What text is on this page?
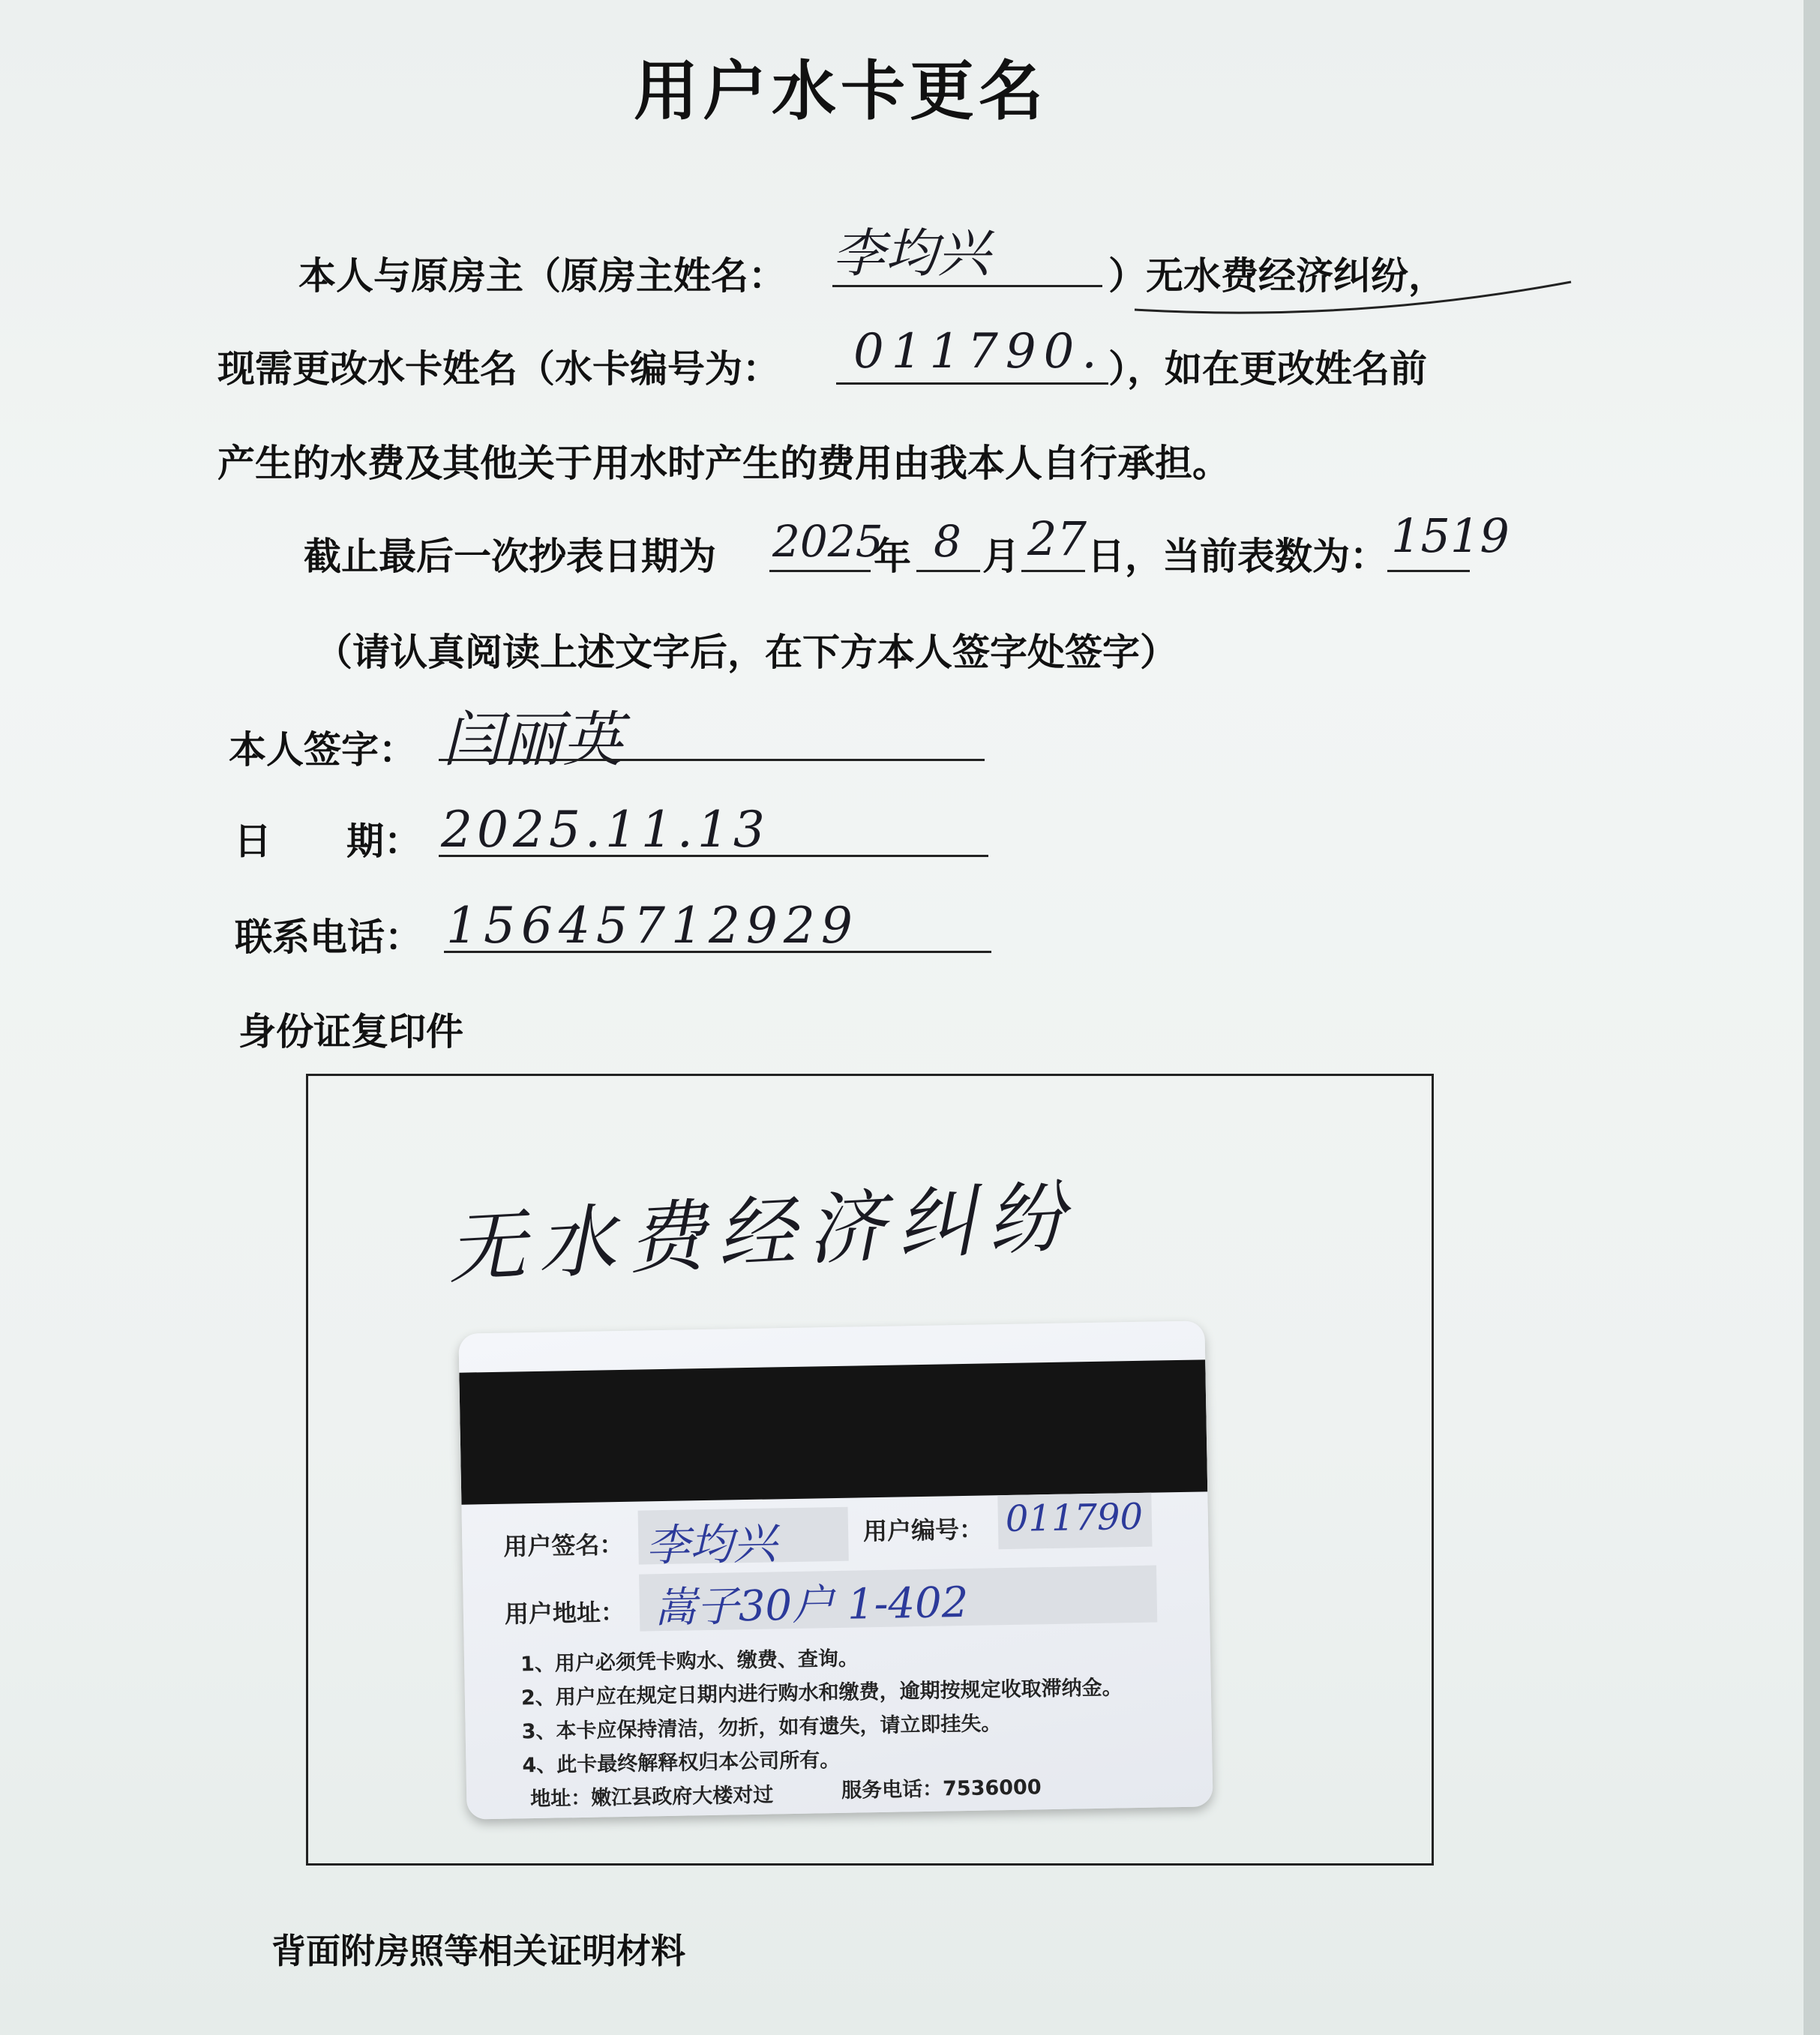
用户水卡更名
本人与原房主（原房主姓名： 李均兴	）无水费经济纠纷，
现需更改水卡姓名（水卡编号为： 011790. ），如在更改姓名前
产生的水费及其他关于用水时产生的费用由我本人自行承担。
截止最后一次抄表日期为 2025
年 8 月 27 日，当前表数为： 1519
（请认真阅读上述文字后，在下方本人签字处签字）
本人签字： 闫丽英
日　　期： 2025.11.13
联系电话： 15645712929
身份证复印件
无水费经济纠纷
用户签名： 李均兴	用户编号： 011790
用户地址： 嵩子30户 1-402
1、用户必须凭卡购水、缴费、查询。
2、用户应在规定日期内进行购水和缴费，逾期按规定收取滞纳金。
3、本卡应保持清洁，勿折，如有遗失，请立即挂失。
4、此卡最终解释权归本公司所有。
地址：嫩江县政府大楼对过	服务电话：7536000
背面附房照等相关证明材料
